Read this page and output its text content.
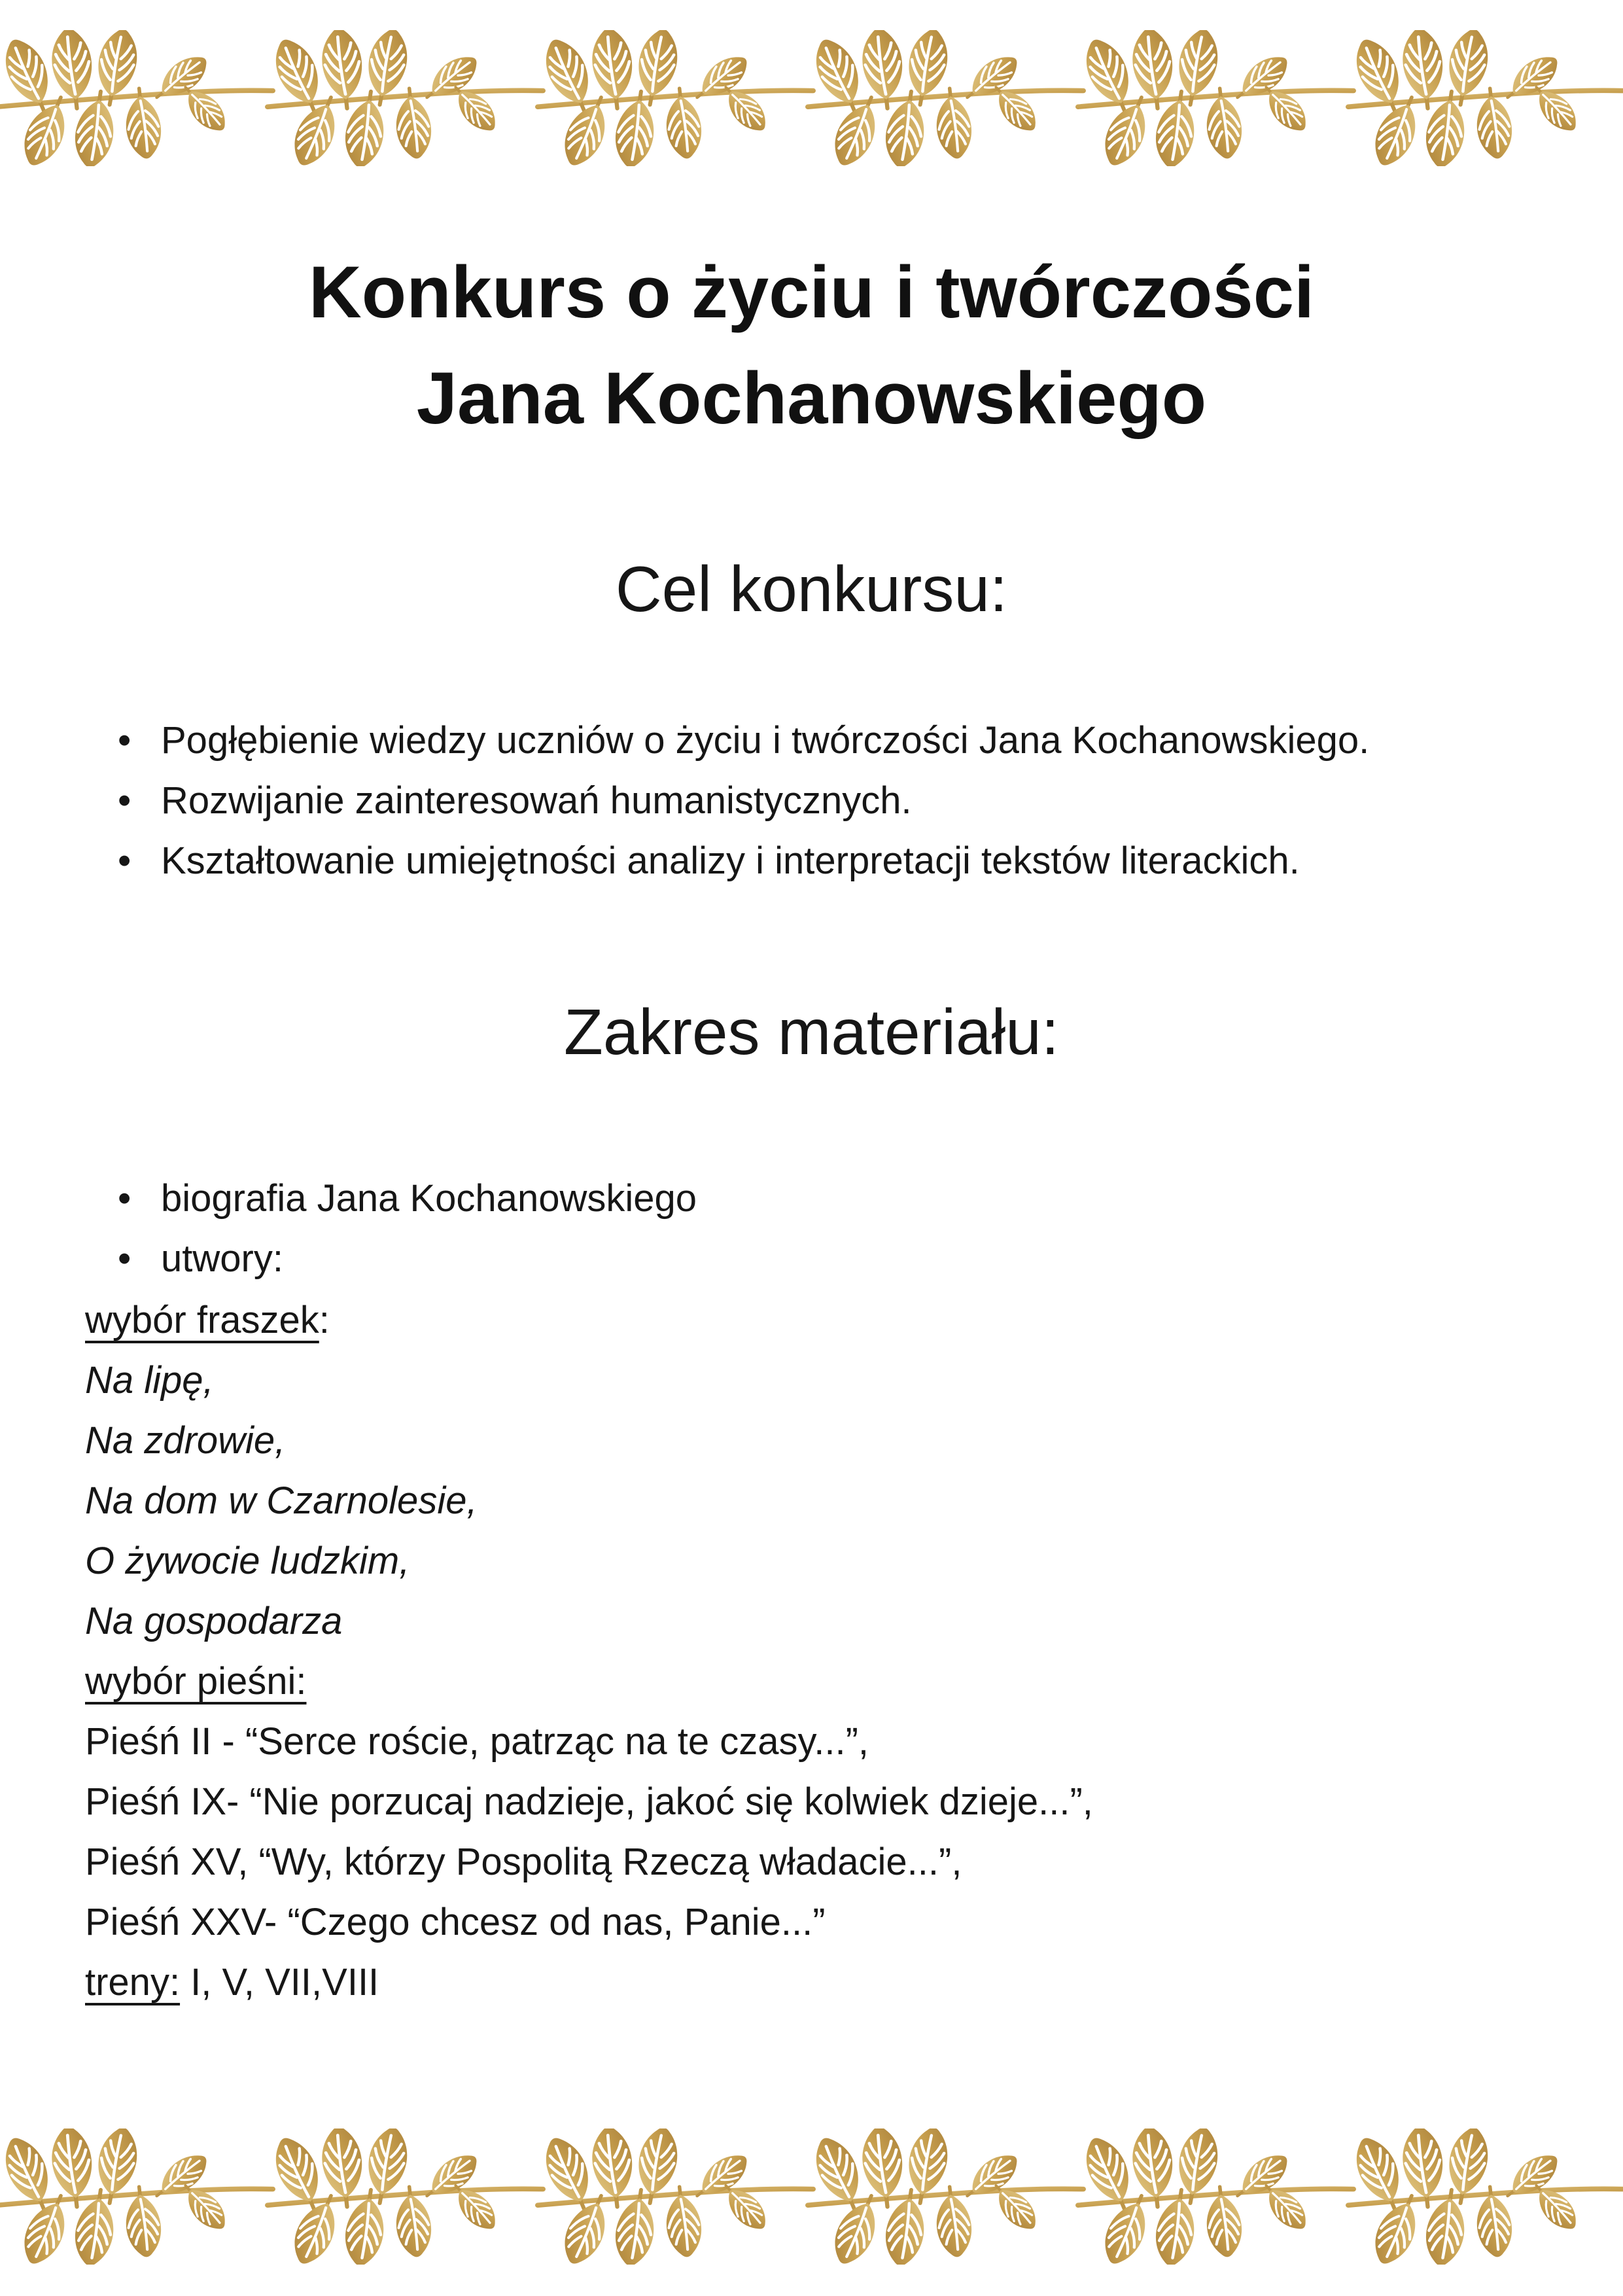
Konkurs o życiu i twórczości
Jana Kochanowskiego
Cel konkursu:
• Pogłębienie wiedzy uczniów o życiu i twórczości Jana Kochanowskiego.
• Rozwijanie zainteresowań humanistycznych.
• Kształtowanie umiejętności analizy i interpretacji tekstów literackich.
Zakres materiału:
• biografia Jana Kochanowskiego
• utwory:
wybór fraszek:
Na lipę,
Na zdrowie,
Na dom w Czarnolesie,
O żywocie ludzkim,
Na gospodarza
wybór pieśni:
Pieśń II - “Serce roście, patrząc na te czasy...”,
Pieśń IX- “Nie porzucaj nadzieje, jakoć się kolwiek dzieje...”,
Pieśń XV, “Wy, którzy Pospolitą Rzeczą władacie...”,
Pieśń XXV- “Czego chcesz od nas, Panie...”
treny: I, V, VII,VIII
